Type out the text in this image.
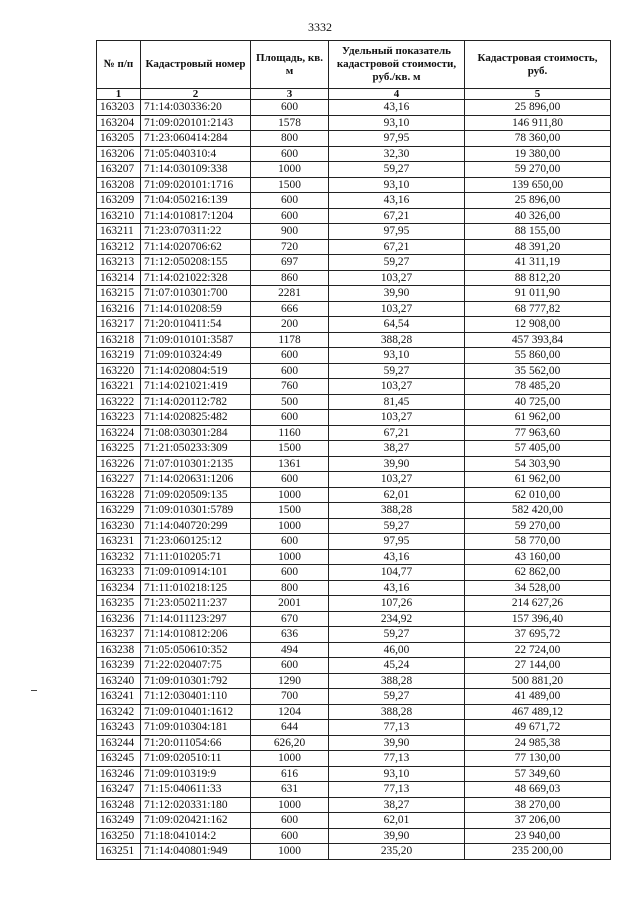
3332
№ п/п	Кадастровый номер	Площадь, кв. м	Удельный показатель кадастровой стоимости, руб./кв. м	Кадастровая стоимость, руб.
1	2	3	4	5
163203	71:14:030336:20	600	43,16	25 896,00
163204	71:09:020101:2143	1578	93,10	146 911,80
163205	71:23:060414:284	800	97,95	78 360,00
163206	71:05:040310:4	600	32,30	19 380,00
163207	71:14:030109:338	1000	59,27	59 270,00
163208	71:09:020101:1716	1500	93,10	139 650,00
163209	71:04:050216:139	600	43,16	25 896,00
163210	71:14:010817:1204	600	67,21	40 326,00
163211	71:23:070311:22	900	97,95	88 155,00
163212	71:14:020706:62	720	67,21	48 391,20
163213	71:12:050208:155	697	59,27	41 311,19
163214	71:14:021022:328	860	103,27	88 812,20
163215	71:07:010301:700	2281	39,90	91 011,90
163216	71:14:010208:59	666	103,27	68 777,82
163217	71:20:010411:54	200	64,54	12 908,00
163218	71:09:010101:3587	1178	388,28	457 393,84
163219	71:09:010324:49	600	93,10	55 860,00
163220	71:14:020804:519	600	59,27	35 562,00
163221	71:14:021021:419	760	103,27	78 485,20
163222	71:14:020112:782	500	81,45	40 725,00
163223	71:14:020825:482	600	103,27	61 962,00
163224	71:08:030301:284	1160	67,21	77 963,60
163225	71:21:050233:309	1500	38,27	57 405,00
163226	71:07:010301:2135	1361	39,90	54 303,90
163227	71:14:020631:1206	600	103,27	61 962,00
163228	71:09:020509:135	1000	62,01	62 010,00
163229	71:09:010301:5789	1500	388,28	582 420,00
163230	71:14:040720:299	1000	59,27	59 270,00
163231	71:23:060125:12	600	97,95	58 770,00
163232	71:11:010205:71	1000	43,16	43 160,00
163233	71:09:010914:101	600	104,77	62 862,00
163234	71:11:010218:125	800	43,16	34 528,00
163235	71:23:050211:237	2001	107,26	214 627,26
163236	71:14:011123:297	670	234,92	157 396,40
163237	71:14:010812:206	636	59,27	37 695,72
163238	71:05:050610:352	494	46,00	22 724,00
163239	71:22:020407:75	600	45,24	27 144,00
163240	71:09:010301:792	1290	388,28	500 881,20
163241	71:12:030401:110	700	59,27	41 489,00
163242	71:09:010401:1612	1204	388,28	467 489,12
163243	71:09:010304:181	644	77,13	49 671,72
163244	71:20:011054:66	626,20	39,90	24 985,38
163245	71:09:020510:11	1000	77,13	77 130,00
163246	71:09:010319:9	616	93,10	57 349,60
163247	71:15:040611:33	631	77,13	48 669,03
163248	71:12:020331:180	1000	38,27	38 270,00
163249	71:09:020421:162	600	62,01	37 206,00
163250	71:18:041014:2	600	39,90	23 940,00
163251	71:14:040801:949	1000	235,20	235 200,00
